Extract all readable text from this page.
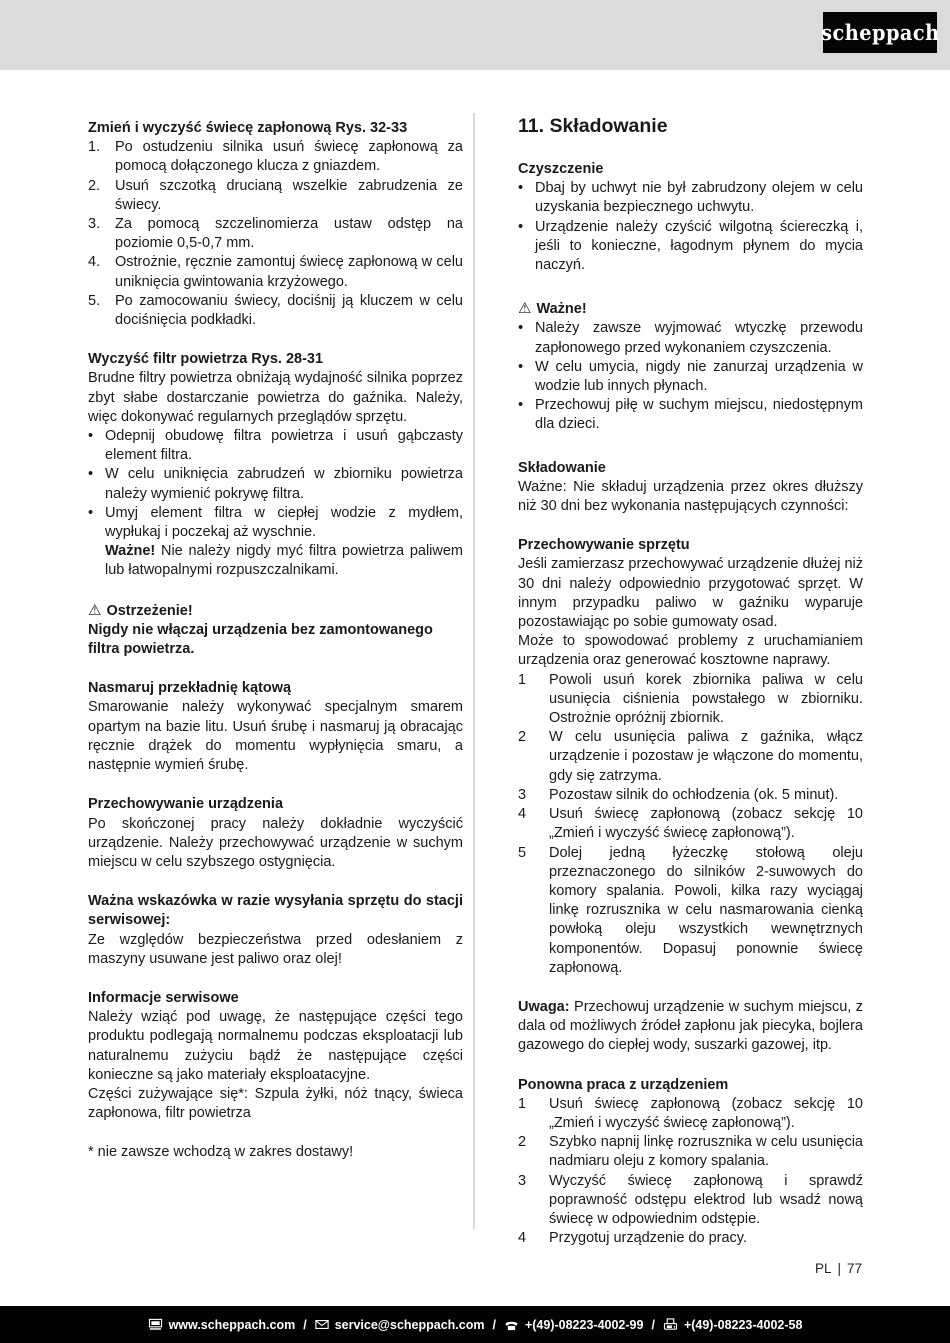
scheppach
Zmień i wyczyść świecę zapłonową Rys. 32-33
1.	Po ostudzeniu silnika usuń świecę zapłonową za pomocą dołączonego klucza z gniazdem.
2.	Usuń szczotką drucianą wszelkie zabrudzenia ze świecy.
3.	Za pomocą szczelinomierza ustaw odstęp na poziomie 0,5-0,7 mm.
4.	Ostrożnie, ręcznie zamontuj świecę zapłonową w celu uniknięcia gwintowania krzyżowego.
5.	Po zamocowaniu świecy, dociśnij ją kluczem w celu dociśnięcia podkładki.
Wyczyść filtr powietrza Rys. 28-31

Brudne filtry powietrza obniżają wydajność silnika poprzez zbyt słabe dostarczanie powietrza do gaźnika. Należy, więc dokonywać regularnych przeglądów sprzętu.

•
Odepnij obudowę filtra powietrza i usuń gąbczasty element filtra.
•
W celu uniknięcia zabrudzeń w zbiorniku powietrza należy wymienić pokrywę filtra.
•
Umyj element filtra w ciepłej wodzie z mydłem, wypłukaj i poczekaj aż wyschnie.
Ważne! Nie należy nigdy myć filtra powietrza paliwem lub łatwopalnymi rozpuszczalnikami.
⚠ Ostrzeżenie!

Nigdy nie włączaj urządzenia bez zamontowanego filtra powietrza.

Nasmaruj przekładnię kątową

Smarowanie należy wykonywać specjalnym smarem opartym na bazie litu. Usuń śrubę i nasmaruj ją obracając ręcznie drążek do momentu wypłynięcia smaru, a następnie wymień śrubę.

Przechowywanie urządzenia

Po skończonej pracy należy dokładnie wyczyścić urządzenie. Należy przechowywać urządzenie w suchym miejscu w celu szybszego ostygnięcia.

Ważna wskazówka w razie wysyłania sprzętu do stacji serwisowej:

Ze względów bezpieczeństwa przed odesłaniem z maszyny usuwane jest paliwo oraz olej!

Informacje serwisowe

Należy wziąć pod uwagę, że następujące części tego produktu podlegają normalnemu podczas eksploatacji lub naturalnemu zużyciu bądź że następujące części konieczne są jako materiały eksploatacyjne.

Części zużywające się*: Szpula żyłki, nóż tnący, świeca zapłonowa, filtr powietrza

* nie zawsze wchodzą w zakres dostawy!

11. Składowanie
Czyszczenie
•
Dbaj by uchwyt nie był zabrudzony olejem w celu uzyskania bezpiecznego uchwytu.
•
Urządzenie należy czyścić wilgotną ściereczką i, jeśli to konieczne, łagodnym płynem do mycia naczyń.
⚠ Ważne!
•
Należy zawsze wyjmować wtyczkę przewodu zapłonowego przed wykonaniem czyszczenia.
•
W celu umycia, nigdy nie zanurzaj urządzenia w wodzie lub innych płynach.
•
Przechowuj piłę w suchym miejscu, niedostępnym dla dzieci.
Składowanie

Ważne: Nie składuj urządzenia przez okres dłuższy niż 30 dni bez wykonania następujących czynności:

Przechowywanie sprzętu

Jeśli zamierzasz przechowywać urządzenie dłużej niż 30 dni należy odpowiednio przygotować sprzęt. W innym przypadku paliwo w gaźniku wyparuje pozostawiając po sobie gumowaty osad.

Może to spowodować problemy z uruchamianiem urządzenia oraz generować kosztowne naprawy.

1	Powoli usuń korek zbiornika paliwa w celu usunięcia ciśnienia powstałego w zbiorniku. Ostrożnie opróżnij zbiornik.
2	W celu usunięcia paliwa z gaźnika, włącz urządzenie i pozostaw je włączone do momentu, gdy się zatrzyma.
3	Pozostaw silnik do ochłodzenia (ok. 5 minut).
4	Usuń świecę zapłonową (zobacz sekcję 10 „Zmień i wyczyść świecę zapłonową”).
5	Dolej jedną łyżeczkę stołową oleju przeznaczonego do silników 2-suwowych do komory spalania. Powoli, kilka razy wyciągaj linkę rozrusznika w celu nasmarowania cienką powłoką oleju wszystkich wewnętrznych komponentów. Dopasuj ponownie świecę zapłonową.

Uwaga: Przechowuj urządzenie w suchym miejscu, z dala od możliwych źródeł zapłonu jak piecyka, bojlera gazowego do ciepłej wody, suszarki gazowej, itp.

Ponowna praca z urządzeniem
1	Usuń świecę zapłonową (zobacz sekcję 10 „Zmień i wyczyść świecę zapłonową”).
2	Szybko napnij linkę rozrusznika w celu usunięcia nadmiaru oleju z komory spalania.
3	Wyczyść świecę zapłonową i sprawdź poprawność odstępu elektrod lub wsadź nową świecę w odpowiednim odstępie.
4	Przygotuj urządzenie do pracy.
PL | 77
www.scheppach.com / service@scheppach.com / +(49)-08223-4002-99 / +(49)-08223-4002-58
